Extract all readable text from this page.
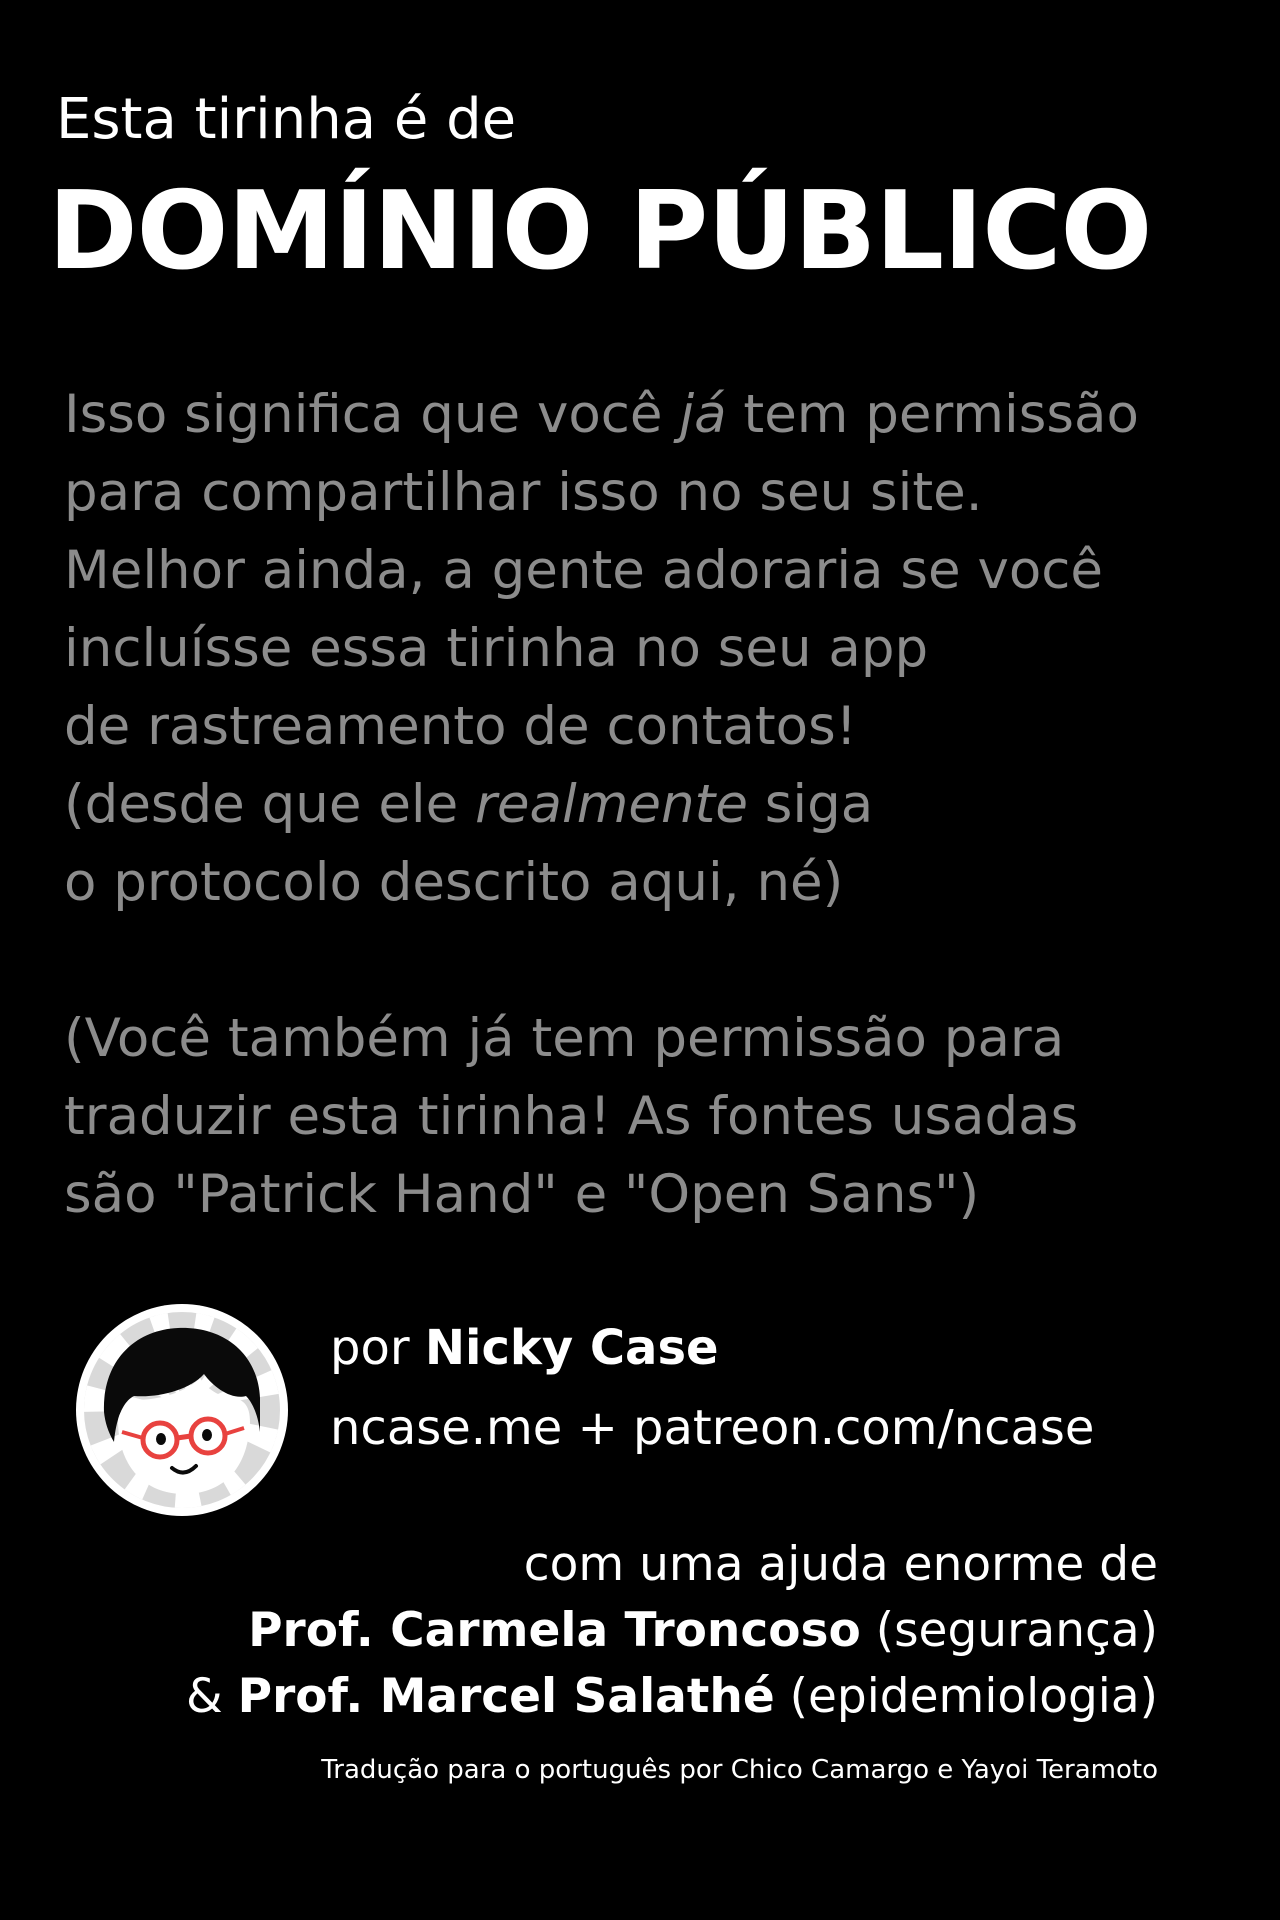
Esta tirinha é de
DOMÍNIO PÚBLICO
Isso significa que você já tem permissão
para compartilhar isso no seu site.
Melhor ainda, a gente adoraria se você
incluísse essa tirinha no seu app
de rastreamento de contatos!
(desde que ele realmente siga
o protocolo descrito aqui, né)
(Você também já tem permissão para
traduzir esta tirinha! As fontes usadas
são "Patrick Hand" e "Open Sans")
por Nicky Case
ncase.me + patreon.com/ncase
com uma ajuda enorme de
Prof. Carmela Troncoso (segurança)
& Prof. Marcel Salathé (epidemiologia)
Tradução para o português por Chico Camargo e Yayoi Teramoto
